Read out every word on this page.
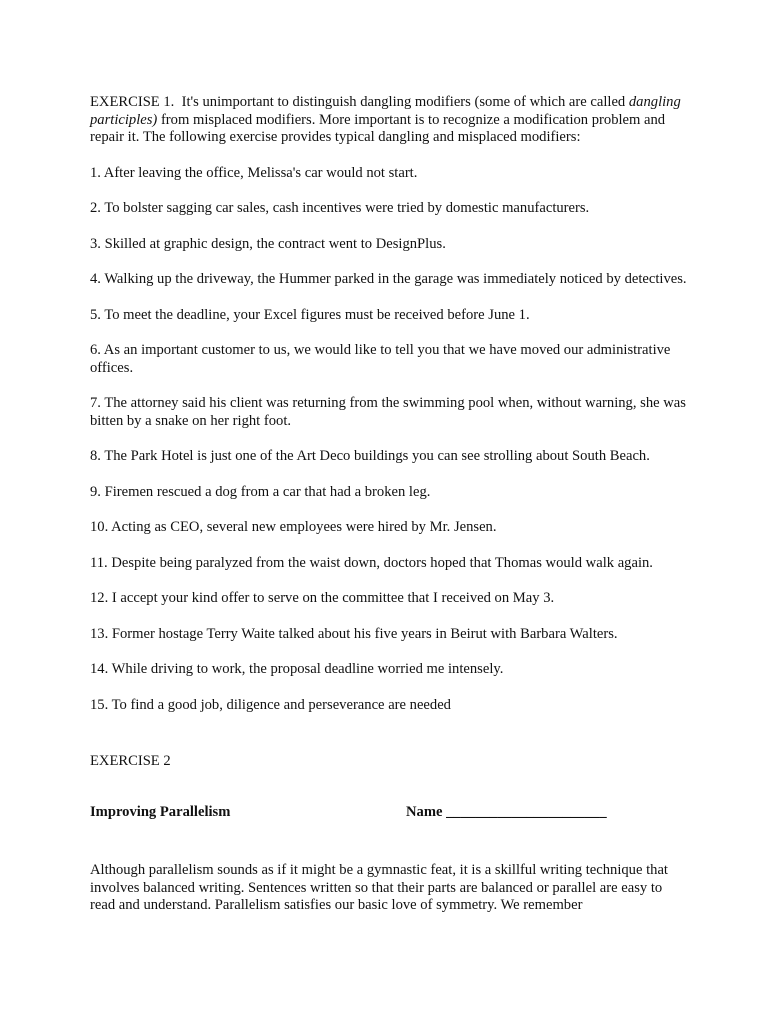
EXERCISE 1.  It's unimportant to distinguish dangling modifiers (some of which are called dangling participles) from misplaced modifiers. More important is to recognize a modification problem and repair it. The following exercise provides typical dangling and misplaced modifiers:

1. After leaving the office, Melissa's car would not start.

2. To bolster sagging car sales, cash incentives were tried by domestic manufacturers.

3. Skilled at graphic design, the contract went to DesignPlus.

4. Walking up the driveway, the Hummer parked in the garage was immediately noticed by detectives.

5. To meet the deadline, your Excel figures must be received before June 1.

6. As an important customer to us, we would like to tell you that we have moved our administrative offices.

7. The attorney said his client was returning from the swimming pool when, without warning, she was bitten by a snake on her right foot.

8. The Park Hotel is just one of the Art Deco buildings you can see strolling about South Beach.

9. Firemen rescued a dog from a car that had a broken leg.

10. Acting as CEO, several new employees were hired by Mr. Jensen.

11. Despite being paralyzed from the waist down, doctors hoped that Thomas would walk again.

12. I accept your kind offer to serve on the committee that I received on May 3.

13. Former hostage Terry Waite talked about his five years in Beirut with Barbara Walters.

14. While driving to work, the proposal deadline worried me intensely.

15. To find a good job, diligence and perseverance are needed

EXERCISE 2

Improving Parallelism	Name ______________________

Although parallelism sounds as if it might be a gymnastic feat, it is a skillful writing technique that involves balanced writing. Sentences written so that their parts are balanced or parallel are easy to read and understand. Parallelism satisfies our basic love of symmetry. We remember
